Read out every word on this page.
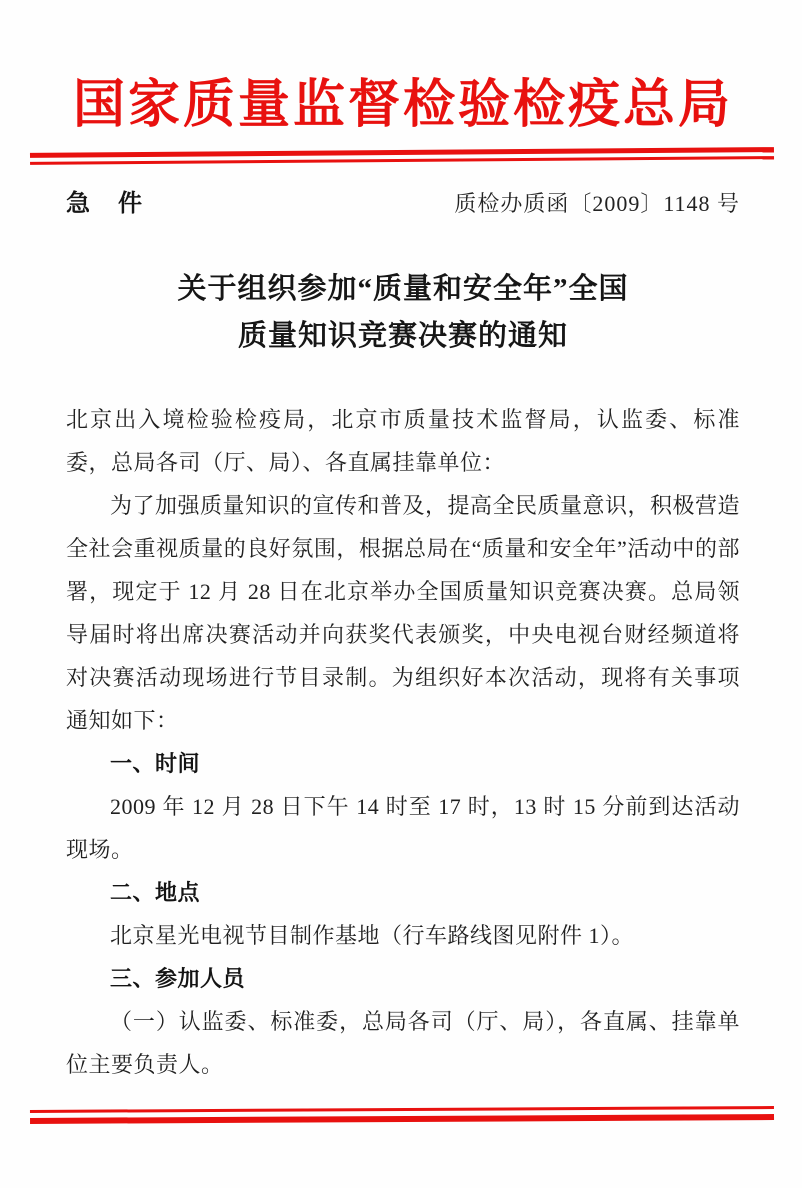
国家质量监督检验检疫总局
急　件	质检办质函〔2009〕1148 号
关于组织参加“质量和安全年”全国
质量知识竞赛决赛的通知

北京出入境检验检疫局，北京市质量技术监督局，认监委、标准委，总局各司（厅、局）、各直属挂靠单位：

为了加强质量知识的宣传和普及，提高全民质量意识，积极营造全社会重视质量的良好氛围，根据总局在“质量和安全年”活动中的部署，现定于 12 月 28 日在北京举办全国质量知识竞赛决赛。总局领导届时将出席决赛活动并向获奖代表颁奖，中央电视台财经频道将对决赛活动现场进行节目录制。为组织好本次活动，现将有关事项通知如下：

一、时间

2009 年 12 月 28 日下午 14 时至 17 时，13 时 15 分前到达活动现场。

二、地点

北京星光电视节目制作基地（行车路线图见附件 1）。

三、参加人员

（一）认监委、标准委，总局各司（厅、局），各直属、挂靠单位主要负责人。
